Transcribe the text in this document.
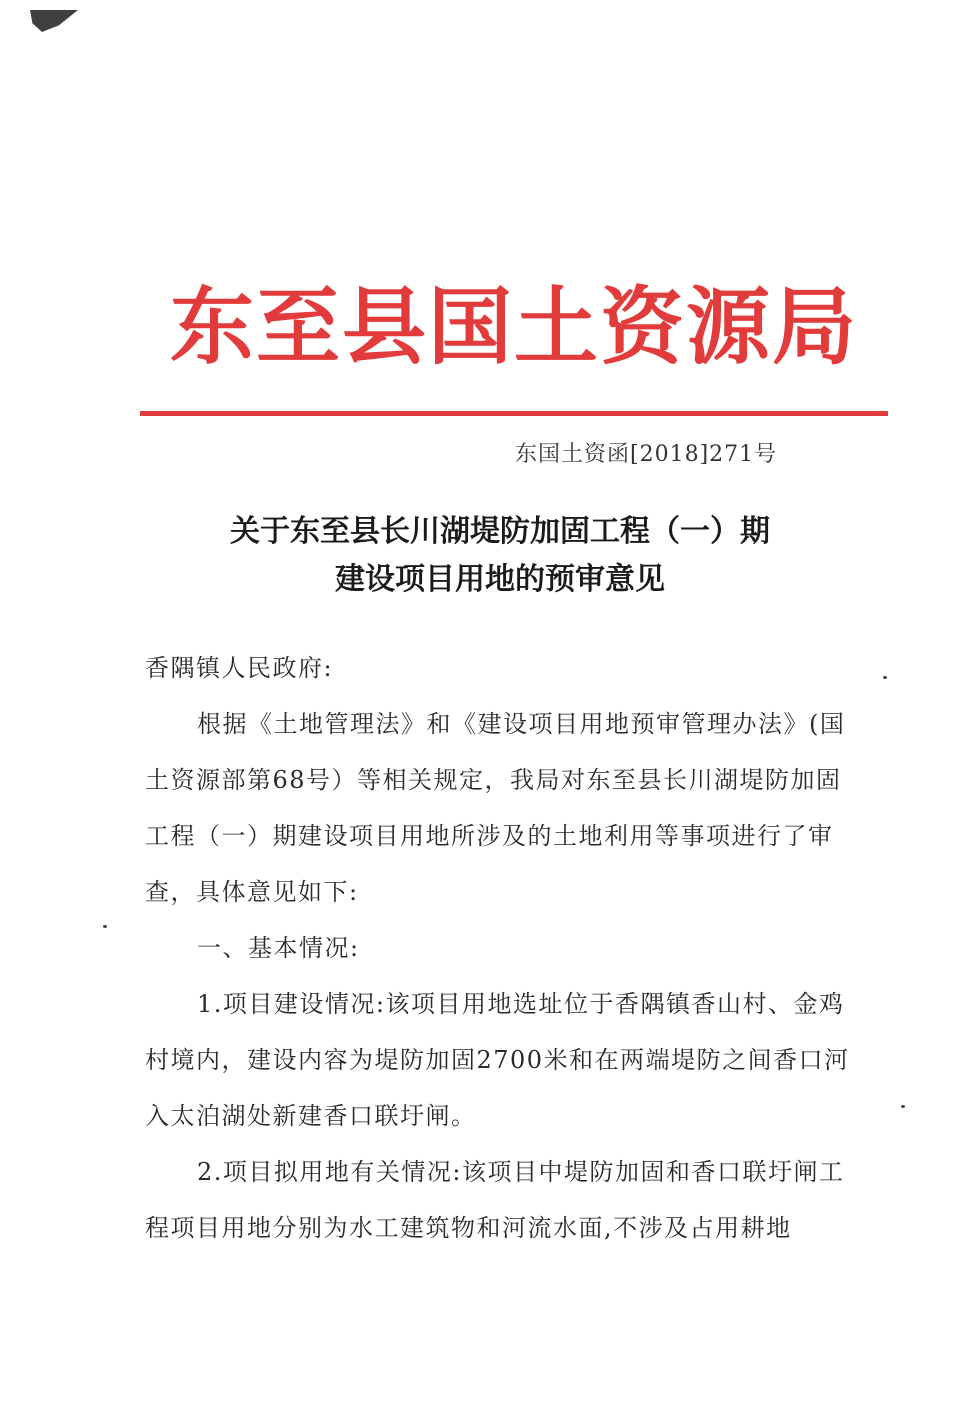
东至县国土资源局
东国土资函[2018]271号
关于东至县长川湖堤防加固工程（一）期
建设项目用地的预审意见

香隅镇人民政府:

根据《土地管理法》和《建设项目用地预审管理办法》(国土资源部第68号）等相关规定，我局对东至县长川湖堤防加固工程（一）期建设项目用地所涉及的土地利用等事项进行了审查，具体意见如下:

一、基本情况:

1.项目建设情况:该项目用地选址位于香隅镇香山村、金鸡村境内，建设内容为堤防加固2700米和在两端堤防之间香口河入太泊湖处新建香口联圩闸。

2.项目拟用地有关情况:该项目中堤防加固和香口联圩闸工程项目用地分别为水工建筑物和河流水面,不涉及占用耕地
